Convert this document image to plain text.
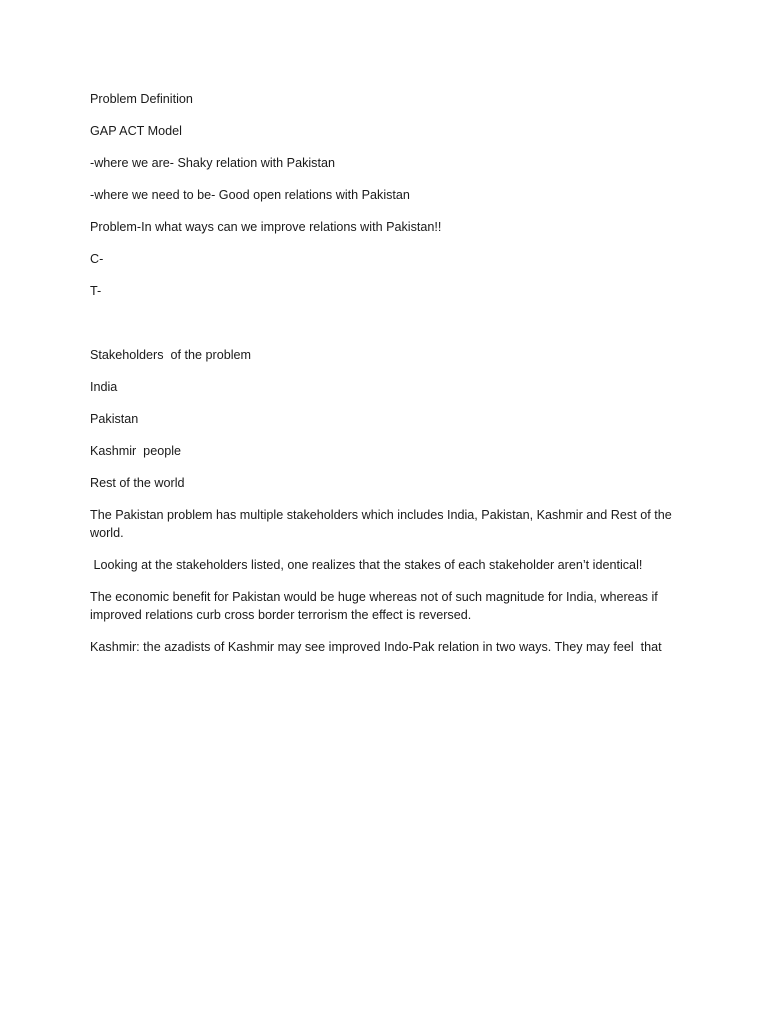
Problem Definition

GAP ACT Model

-where we are- Shaky relation with Pakistan

-where we need to be- Good open relations with Pakistan

Problem-In what ways can we improve relations with Pakistan!!

C-

T-

Stakeholders  of the problem

India

Pakistan

Kashmir  people

Rest of the world

The Pakistan problem has multiple stakeholders which includes India, Pakistan, Kashmir and Rest of the world.

Looking at the stakeholders listed, one realizes that the stakes of each stakeholder aren’t identical!

The economic benefit for Pakistan would be huge whereas not of such magnitude for India, whereas if improved relations curb cross border terrorism the effect is reversed.

Kashmir: the azadists of Kashmir may see improved Indo-Pak relation in two ways. They may feel  that
